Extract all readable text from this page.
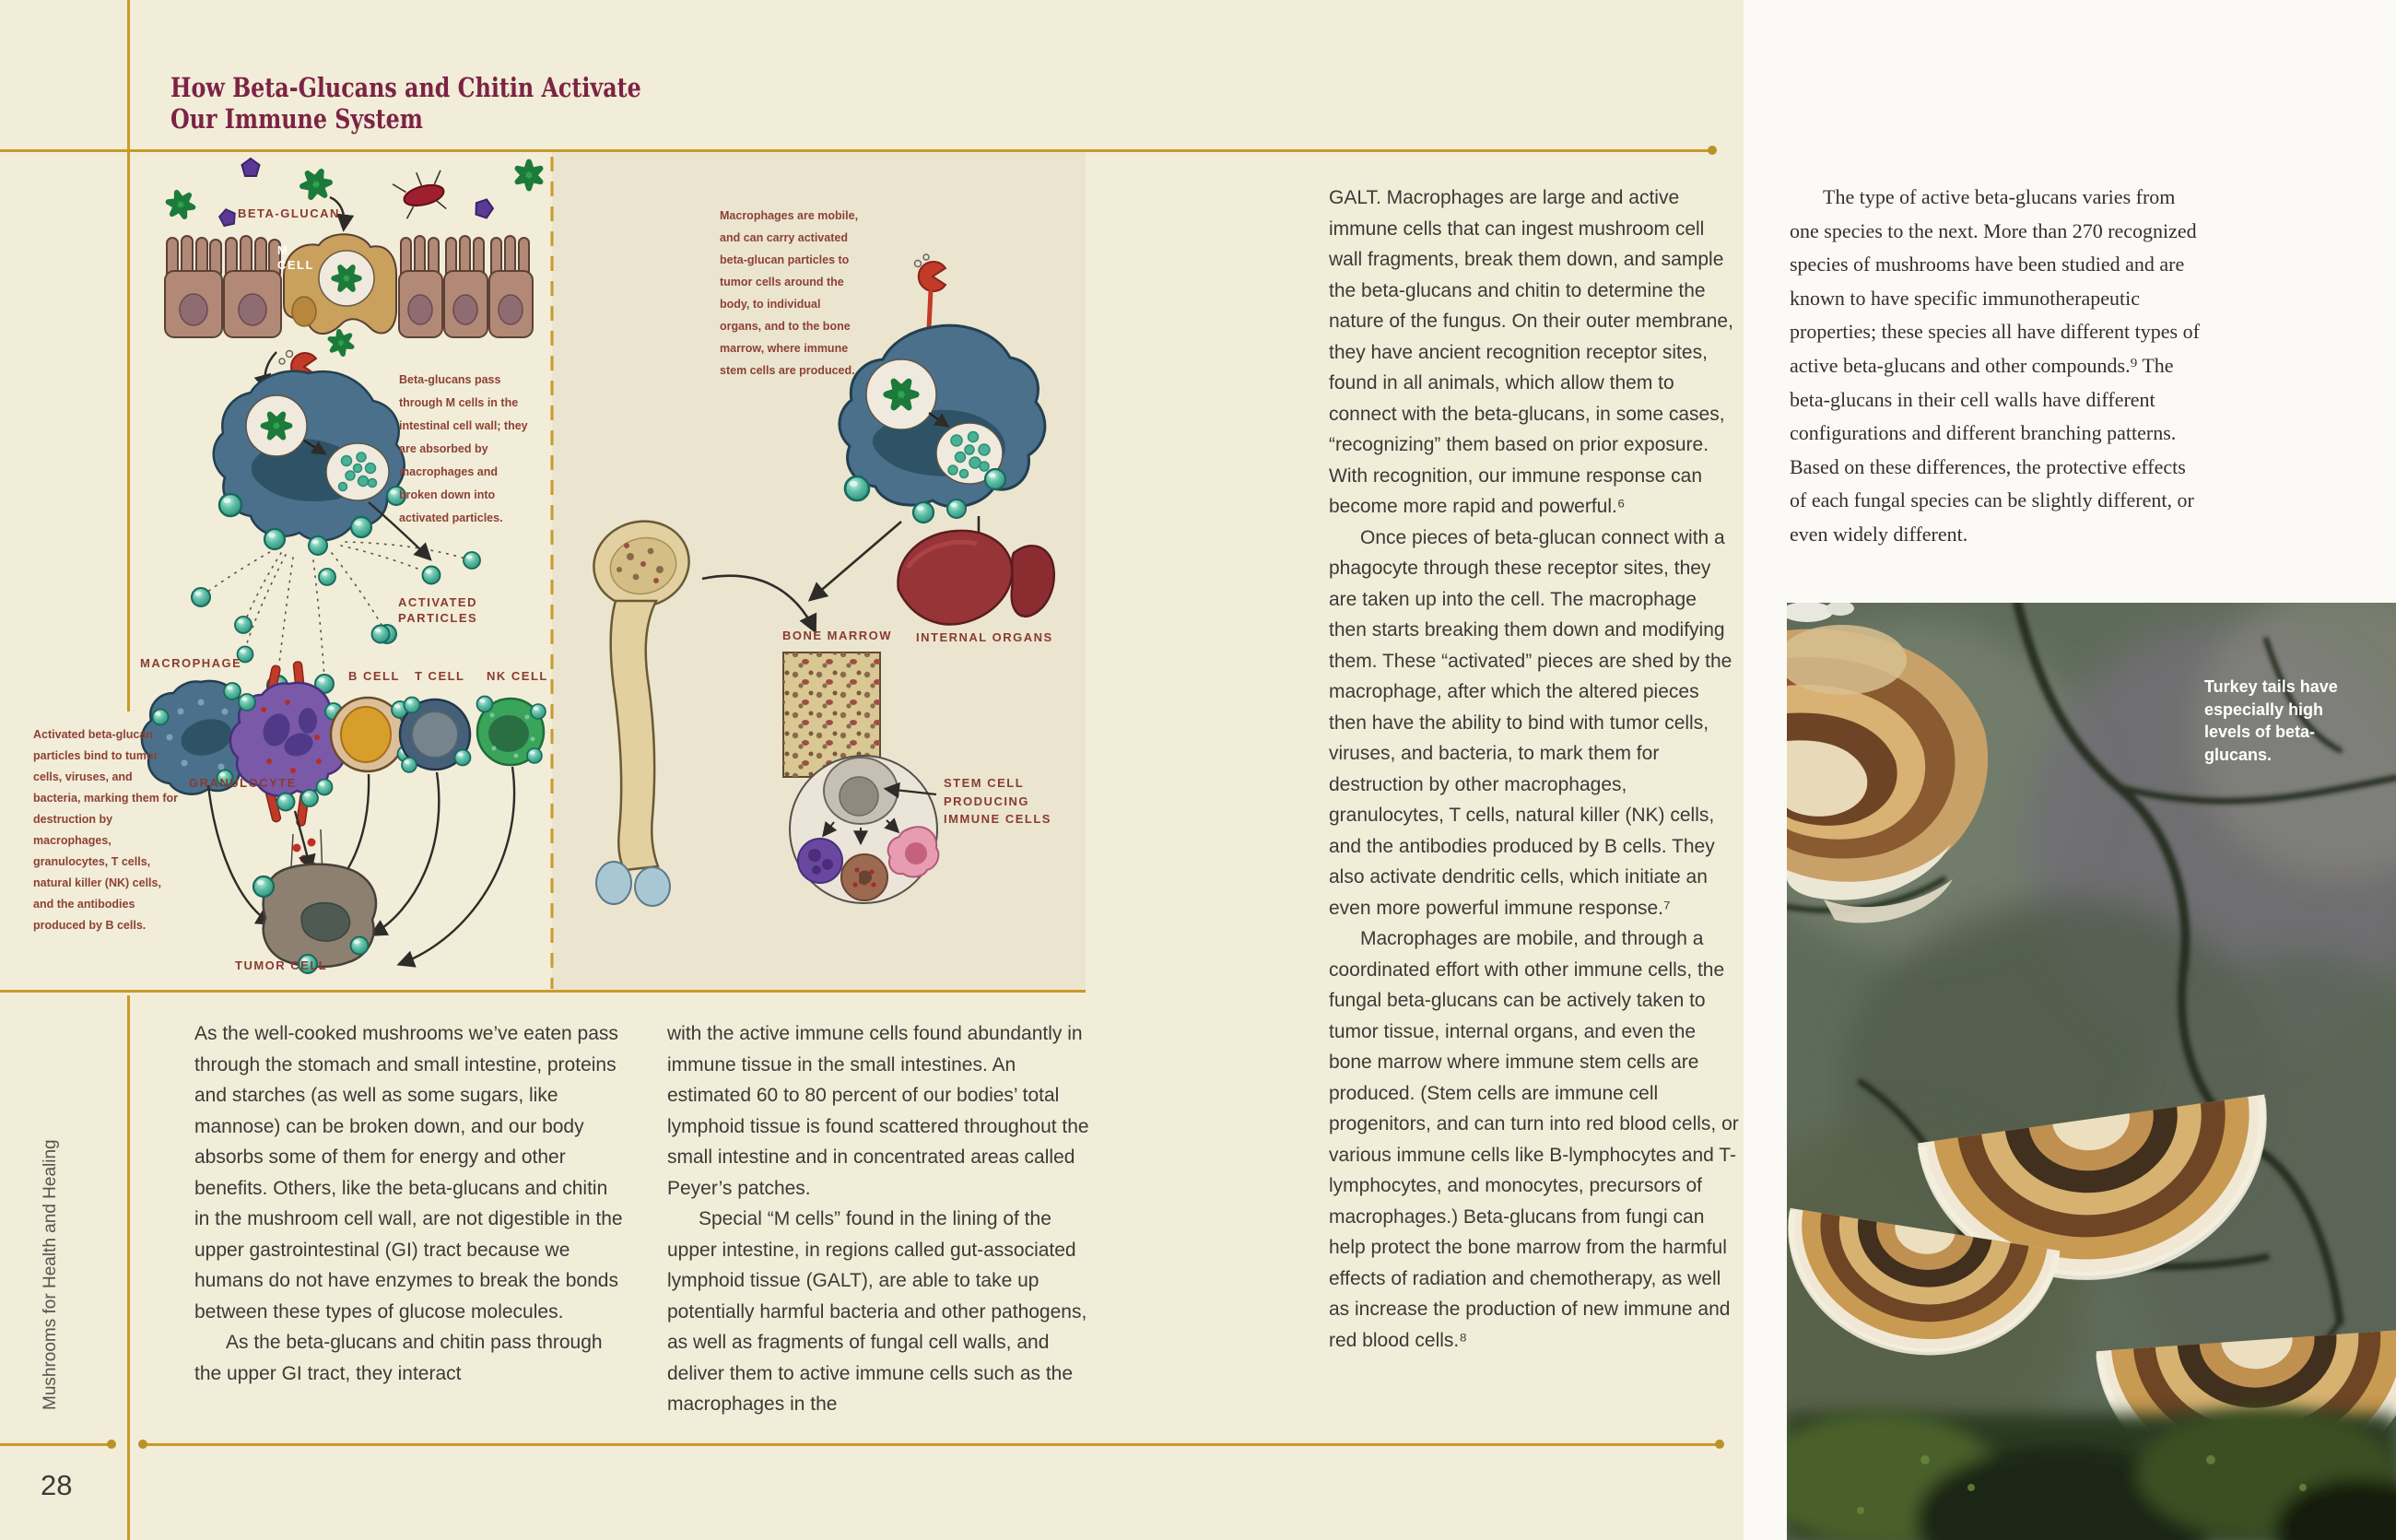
How Beta-Glucans and Chitin Activate
Our Immune System
BETA-GLUCAN
M CELL
ACTIVATED PARTICLES
MACROPHAGE
GRANULOCYTE
B CELL T CELL NK CELL
TUMOR CELL
BONE MARROW INTERNAL ORGANS
STEM CELL PRODUCING IMMUNE CELLS
Beta-glucans pass through M cells in the intestinal cell wall; they are absorbed by macrophages and broken down into activated particles.
Activated beta-glucan particles bind to tumor cells, viruses, and bacteria, marking them for destruction by macrophages, granulocytes, T cells, natural killer (NK) cells, and the antibodies produced by B cells.
Macrophages are mobile, and can carry activated beta-glucan particles to tumor cells around the body, to individual organs, and to the bone marrow, where immune stem cells are produced.

As the well-cooked mushrooms we’ve eaten pass through the stomach and small intestine, proteins and starches (as well as some sugars, like mannose) can be broken down, and our body absorbs some of them for energy and other benefits. Others, like the beta-glucans and chitin in the mushroom cell wall, are not digestible in the upper gastrointestinal (GI) tract because we humans do not have enzymes to break the bonds between these types of glucose molecules.

As the beta-glucans and chitin pass through the upper GI tract, they interact

with the active immune cells found abundantly in immune tissue in the small intestines. An estimated 60 to 80 percent of our bodies’ total lymphoid tissue is found scattered throughout the small intestine and in concentrated areas called Peyer’s patches.

Special “M cells” found in the lining of the upper intestine, in regions called gut-associated lymphoid tissue (GALT), are able to take up potentially harmful bacteria and other pathogens, as well as fragments of fungal cell walls, and deliver them to active immune cells such as the macrophages in the

GALT. Macrophages are large and active immune cells that can ingest mushroom cell wall fragments, break them down, and sample the beta-glucans and chitin to determine the nature of the fungus. On their outer membrane, they have ancient recognition receptor sites, found in all animals, which allow them to connect with the beta-glucans, in some cases, “recognizing” them based on prior exposure. With recognition, our immune response can become more rapid and powerful.⁶

Once pieces of beta-glucan connect with a phagocyte through these receptor sites, they are taken up into the cell. The macrophage then starts breaking them down and modifying them. These “activated” pieces are shed by the macrophage, after which the altered pieces then have the ability to bind with tumor cells, viruses, and bacteria, to mark them for destruction by other macrophages, granulocytes, T cells, natural killer (NK) cells, and the antibodies produced by B cells. They also activate dendritic cells, which initiate an even more powerful immune response.⁷

Macrophages are mobile, and through a coordinated effort with other immune cells, the fungal beta-glucans can be actively taken to tumor tissue, internal organs, and even the bone marrow where immune stem cells are produced. (Stem cells are immune cell progenitors, and can turn into red blood cells, or various immune cells like B-lymphocytes and T-lymphocytes, and monocytes, precursors of macrophages.) Beta-glucans from fungi can help protect the bone marrow from the harmful effects of radiation and chemotherapy, as well as increase the production of new immune and red blood cells.⁸

The type of active beta-glucans varies from one species to the next. More than 270 recognized species of mushrooms have been studied and are known to have specific immunotherapeutic properties; these species all have different types of active beta-glucans and other compounds.⁹ The beta-glucans in their cell walls have different configurations and different branching patterns. Based on these differences, the protective effects of each fungal species can be slightly different, or even widely different.

Turkey tails have especially high levels of beta-glucans.
Mushrooms for Health and Healing
28
